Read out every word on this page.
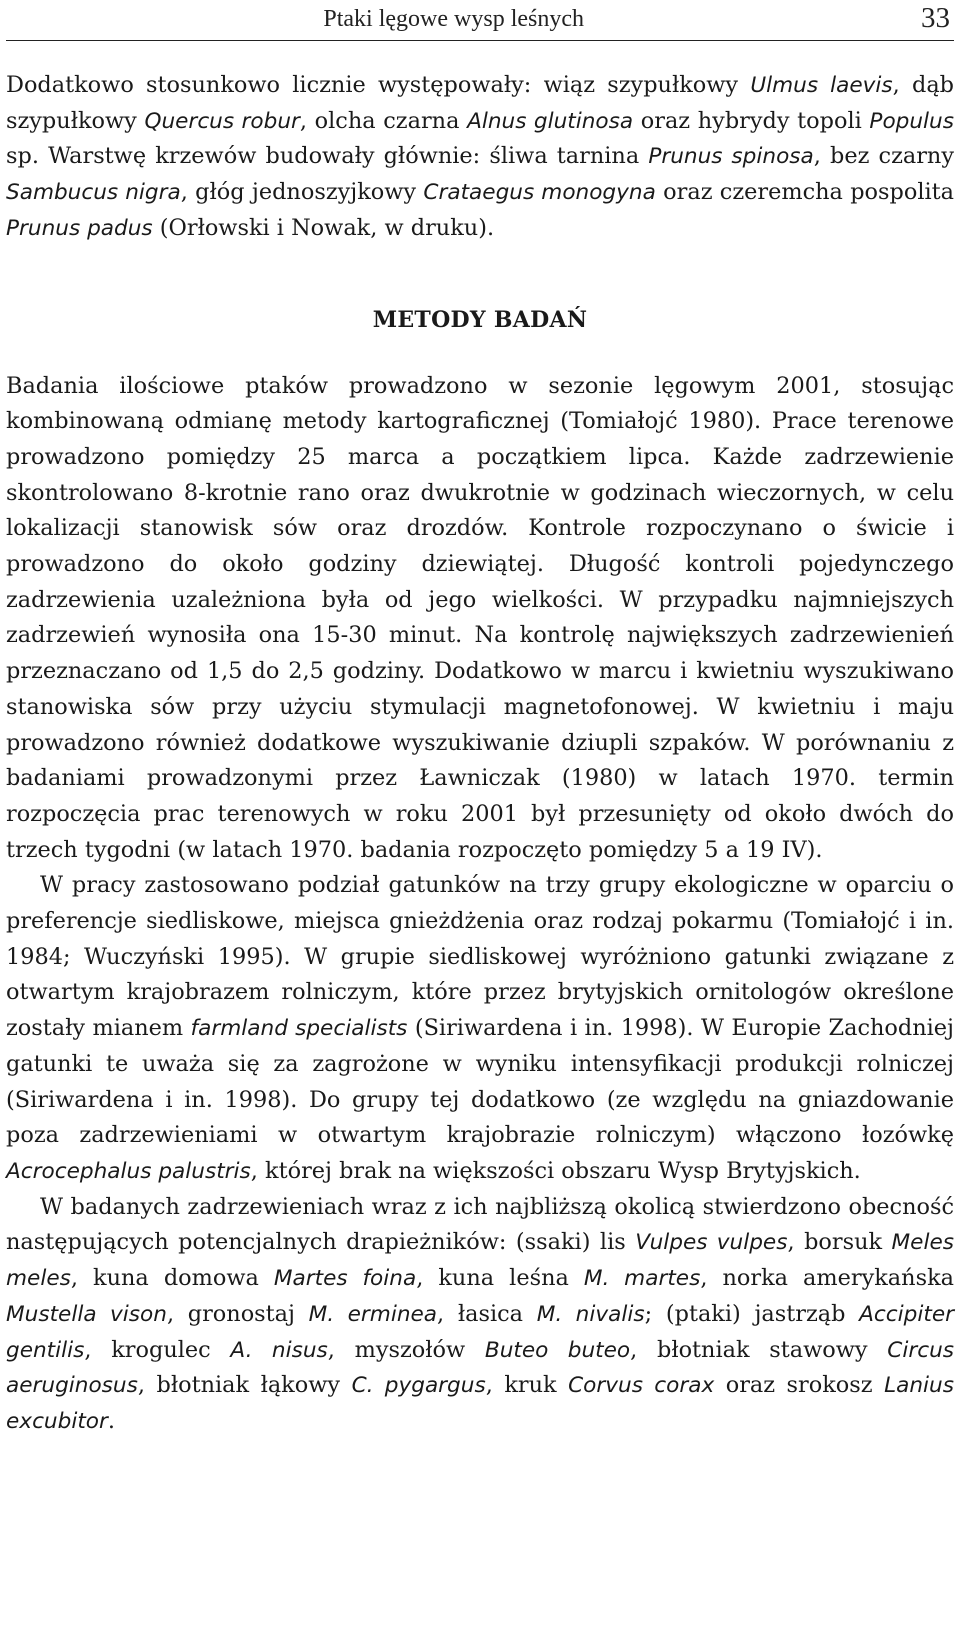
Ptaki lęgowe wysp leśnych	33

Dodatkowo stosunkowo licznie występowały: wiąz szypułkowy Ulmus laevis, dąb szypułkowy Quercus robur, olcha czarna Alnus glutinosa oraz hybrydy topoli Populus sp. Warstwę krzewów budowały głównie: śliwa tarnina Prunus spinosa, bez czarny Sambucus nigra, głóg jednoszyjkowy Crataegus monogyna oraz czeremcha pospolita Prunus padus (Orłowski i Nowak, w druku).

METODY BADAŃ

Badania ilościowe ptaków prowadzono w sezonie lęgowym 2001, stosując kombinowaną odmianę metody kartograficznej (Tomiałojć 1980). Prace terenowe prowadzono pomiędzy 25 marca a początkiem lipca. Każde zadrzewienie skontrolowano 8-krotnie rano oraz dwukrotnie w godzinach wieczornych, w celu lokalizacji stanowisk sów oraz drozdów. Kontrole rozpoczynano o świcie i prowadzono do około godziny dziewiątej. Długość kontroli pojedynczego zadrzewienia uzależniona była od jego wielkości. W przypadku najmniejszych zadrzewień wynosiła ona 15-30 minut. Na kontrolę największych zadrzewienień przeznaczano od 1,5 do 2,5 godziny. Dodatkowo w marcu i kwietniu wyszukiwano stanowiska sów przy użyciu stymulacji magnetofonowej. W kwietniu i maju prowadzono również dodatkowe wyszukiwanie dziupli szpaków. W porównaniu z badaniami prowadzonymi przez Ławniczak (1980) w latach 1970. termin rozpoczęcia prac terenowych w roku 2001 był przesunięty od około dwóch do trzech tygodni (w latach 1970. badania rozpoczęto pomiędzy 5 a 19 IV).

W pracy zastosowano podział gatunków na trzy grupy ekologiczne w oparciu o preferencje siedliskowe, miejsca gnieżdżenia oraz rodzaj pokarmu (Tomiałojć i in. 1984; Wuczyński 1995). W grupie siedliskowej wyróżniono gatunki związane z otwartym krajobrazem rolniczym, które przez brytyjskich ornitologów określone zostały mianem farmland specialists (Siriwardena i in. 1998). W Europie Zachodniej gatunki te uważa się za zagrożone w wyniku intensyfikacji produkcji rolniczej (Siriwardena i in. 1998). Do grupy tej dodatkowo (ze względu na gniazdowanie poza zadrzewieniami w otwartym krajobrazie rolniczym) włączono łozówkę Acrocephalus palustris, której brak na większości obszaru Wysp Brytyjskich.

W badanych zadrzewieniach wraz z ich najbliższą okolicą stwierdzono obecność następujących potencjalnych drapieżników: (ssaki) lis Vulpes vulpes, borsuk Meles meles, kuna domowa Martes foina, kuna leśna M. martes, norka amerykańska Mustella vison, gronostaj M. erminea, łasica M. nivalis; (ptaki) jastrząb Accipiter gentilis, krogulec A. nisus, myszołów Buteo buteo, błotniak stawowy Circus aeruginosus, błotniak łąkowy C. pygargus, kruk Corvus corax oraz srokosz Lanius excubitor.
